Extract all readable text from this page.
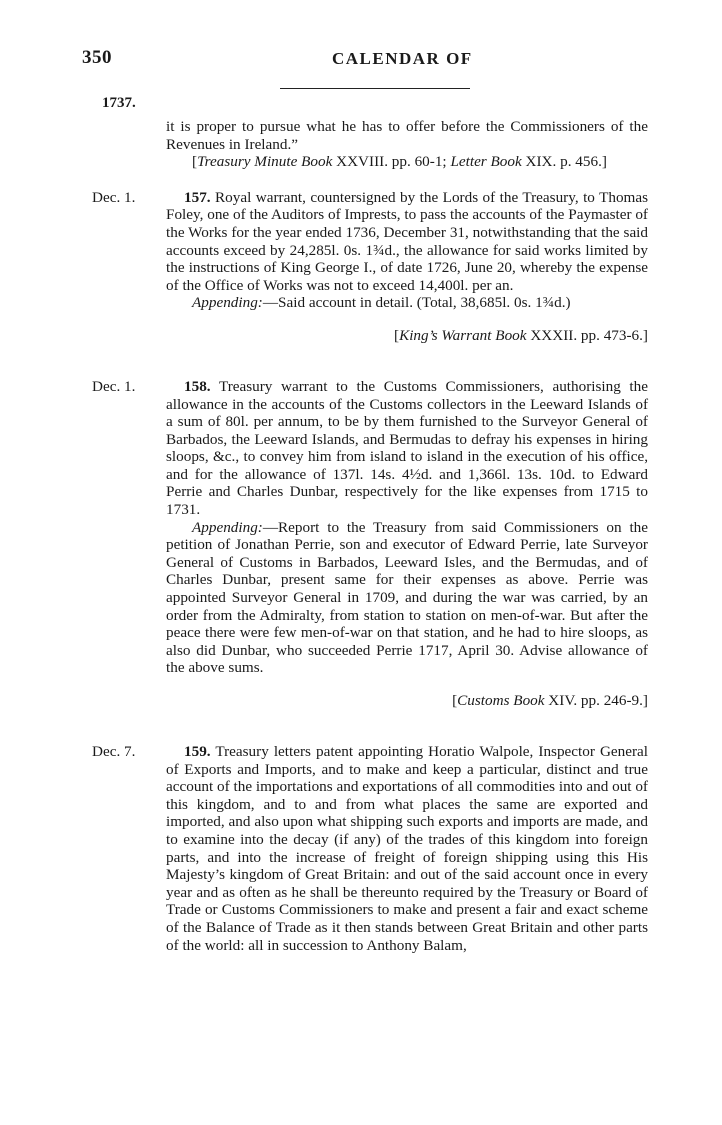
350	CALENDAR OF
1737.

it is proper to pursue what he has to offer before the Commissioners of the Revenues in Ireland.”

[Treasury Minute Book XXVIII. pp. 60-1; Letter Book XIX. p. 456.]

Dec. 1.	157. Royal warrant, countersigned by the Lords of the Treasury, to Thomas Foley, one of the Auditors of Imprests, to pass the accounts of the Paymaster of the Works for the year ended 1736, December 31, notwithstanding that the said accounts exceed by 24,285l. 0s. 1¾d., the allowance for said works limited by the instructions of King George I., of date 1726, June 20, whereby the expense of the Office of Works was not to exceed 14,400l. per an.

Appending:—Said account in detail. (Total, 38,685l. 0s. 1¾d.)

[King’s Warrant Book XXXII. pp. 473-6.]

Dec. 1.	158. Treasury warrant to the Customs Commissioners, authorising the allowance in the accounts of the Customs collectors in the Leeward Islands of a sum of 80l. per annum, to be by them furnished to the Surveyor General of Barbados, the Leeward Islands, and Bermudas to defray his expenses in hiring sloops, &c., to convey him from island to island in the execution of his office, and for the allowance of 137l. 14s. 4½d. and 1,366l. 13s. 10d. to Edward Perrie and Charles Dunbar, respectively for the like expenses from 1715 to 1731.

Appending:—Report to the Treasury from said Commissioners on the petition of Jonathan Perrie, son and executor of Edward Perrie, late Surveyor General of Customs in Barbados, Leeward Isles, and the Bermudas, and of Charles Dunbar, present same for their expenses as above. Perrie was appointed Surveyor General in 1709, and during the war was carried, by an order from the Admiralty, from station to station on men-of-war. But after the peace there were few men-of-war on that station, and he had to hire sloops, as also did Dunbar, who succeeded Perrie 1717, April 30. Advise allowance of the above sums.

[Customs Book XIV. pp. 246-9.]

Dec. 7.	159. Treasury letters patent appointing Horatio Walpole, Inspector General of Exports and Imports, and to make and keep a particular, distinct and true account of the importations and exportations of all commodities into and out of this kingdom, and to and from what places the same are exported and imported, and also upon what shipping such exports and imports are made, and to examine into the decay (if any) of the trades of this kingdom into foreign parts, and into the increase of freight of foreign shipping using this His Majesty’s kingdom of Great Britain: and out of the said account once in every year and as often as he shall be thereunto required by the Treasury or Board of Trade or Customs Commissioners to make and present a fair and exact scheme of the Balance of Trade as it then stands between Great Britain and other parts of the world: all in succession to Anthony Balam,
